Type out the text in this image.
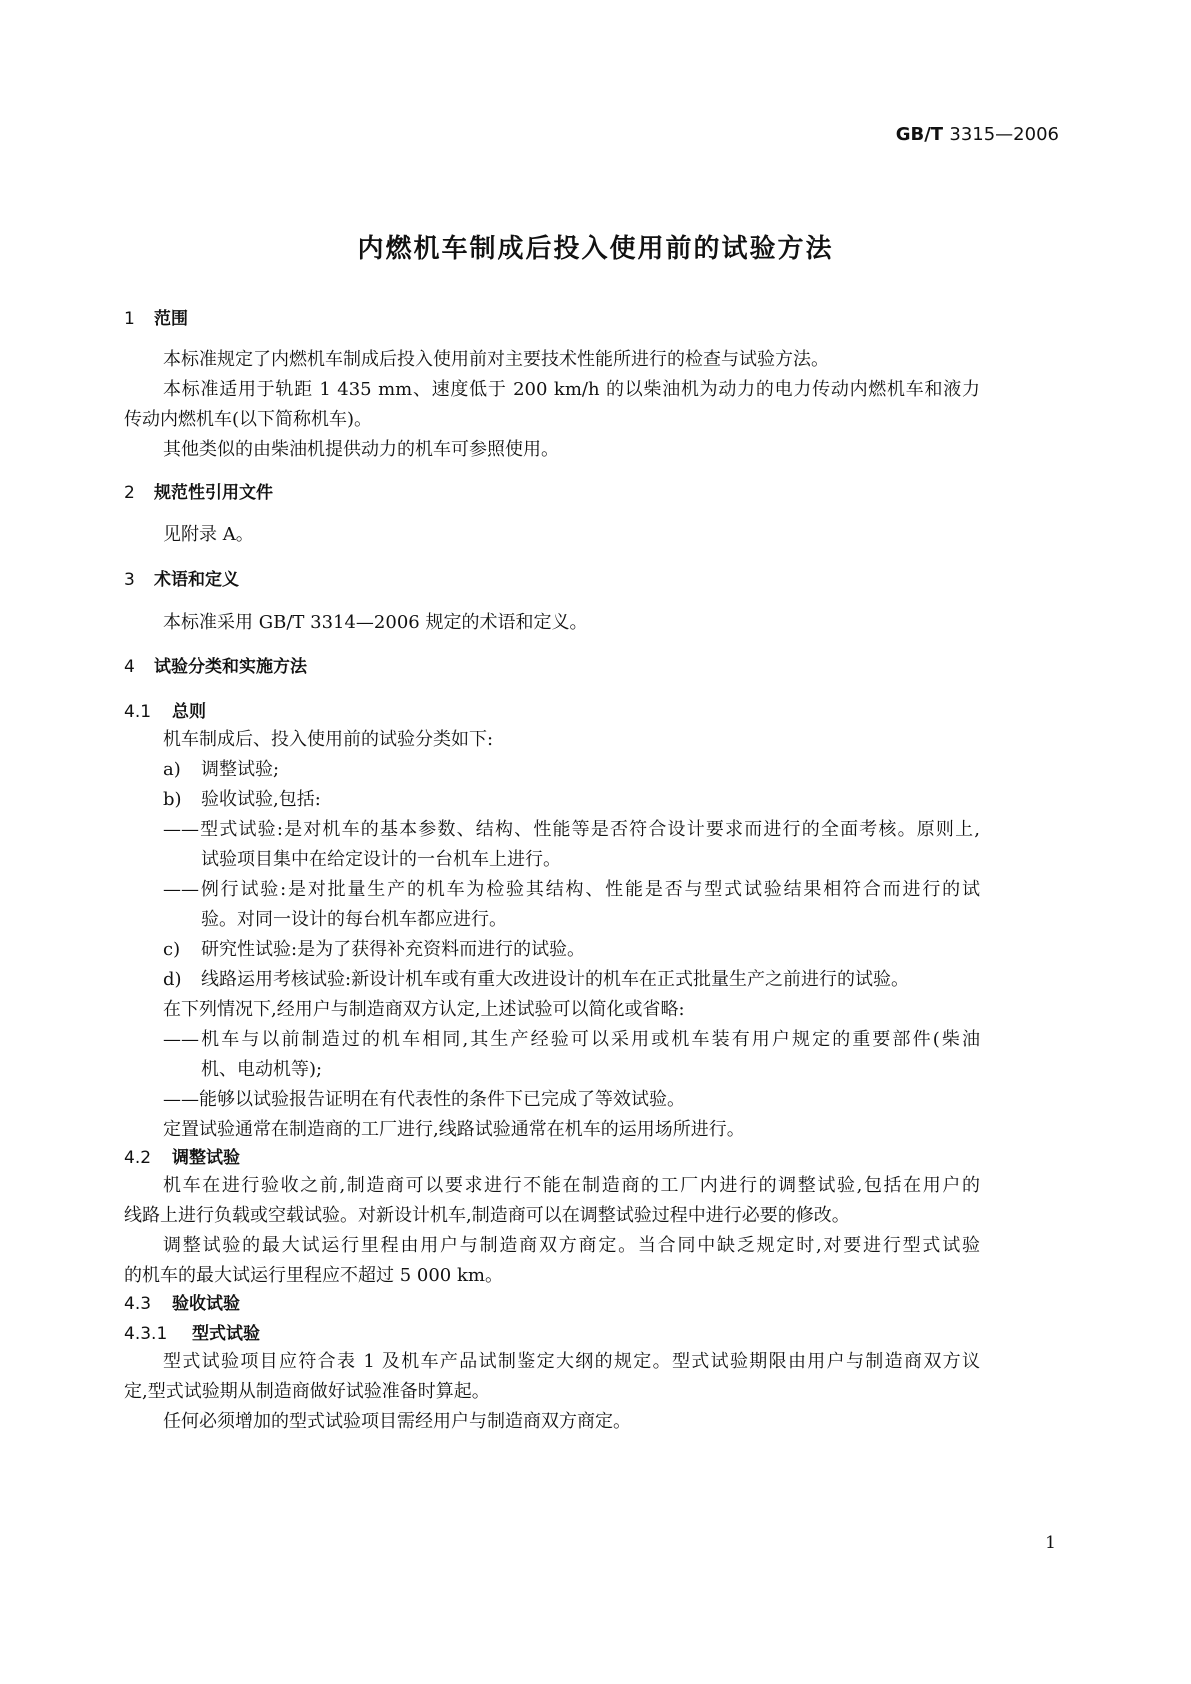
GB/T 3315—2006
内燃机车制成后投入使用前的试验方法
1 范围
本标准规定了内燃机车制成后投入使用前对主要技术性能所进行的检查与试验方法。
本标准适用于轨距 1 435 mm、速度低于 200 km/h 的以柴油机为动力的电力传动内燃机车和液力
传动内燃机车(以下简称机车)。
其他类似的由柴油机提供动力的机车可参照使用。
2 规范性引用文件
见附录 A。
3 术语和定义
本标准采用 GB/T 3314—2006 规定的术语和定义。
4 试验分类和实施方法
4.1 总则
机车制成后、投入使用前的试验分类如下:
a) 调整试验;
b) 验收试验,包括:
——型式试验:是对机车的基本参数、结构、性能等是否符合设计要求而进行的全面考核。原则上,
试验项目集中在给定设计的一台机车上进行。
——例行试验:是对批量生产的机车为检验其结构、性能是否与型式试验结果相符合而进行的试
验。对同一设计的每台机车都应进行。
c) 研究性试验:是为了获得补充资料而进行的试验。
d) 线路运用考核试验:新设计机车或有重大改进设计的机车在正式批量生产之前进行的试验。
在下列情况下,经用户与制造商双方认定,上述试验可以简化或省略:
——机车与以前制造过的机车相同,其生产经验可以采用或机车装有用户规定的重要部件(柴油
机、电动机等);
——能够以试验报告证明在有代表性的条件下已完成了等效试验。
定置试验通常在制造商的工厂进行,线路试验通常在机车的运用场所进行。
4.2 调整试验
机车在进行验收之前,制造商可以要求进行不能在制造商的工厂内进行的调整试验,包括在用户的
线路上进行负载或空载试验。对新设计机车,制造商可以在调整试验过程中进行必要的修改。
调整试验的最大试运行里程由用户与制造商双方商定。当合同中缺乏规定时,对要进行型式试验
的机车的最大试运行里程应不超过 5 000 km。
4.3 验收试验
4.3.1 型式试验
型式试验项目应符合表 1 及机车产品试制鉴定大纲的规定。型式试验期限由用户与制造商双方议
定,型式试验期从制造商做好试验准备时算起。
任何必须增加的型式试验项目需经用户与制造商双方商定。
1
